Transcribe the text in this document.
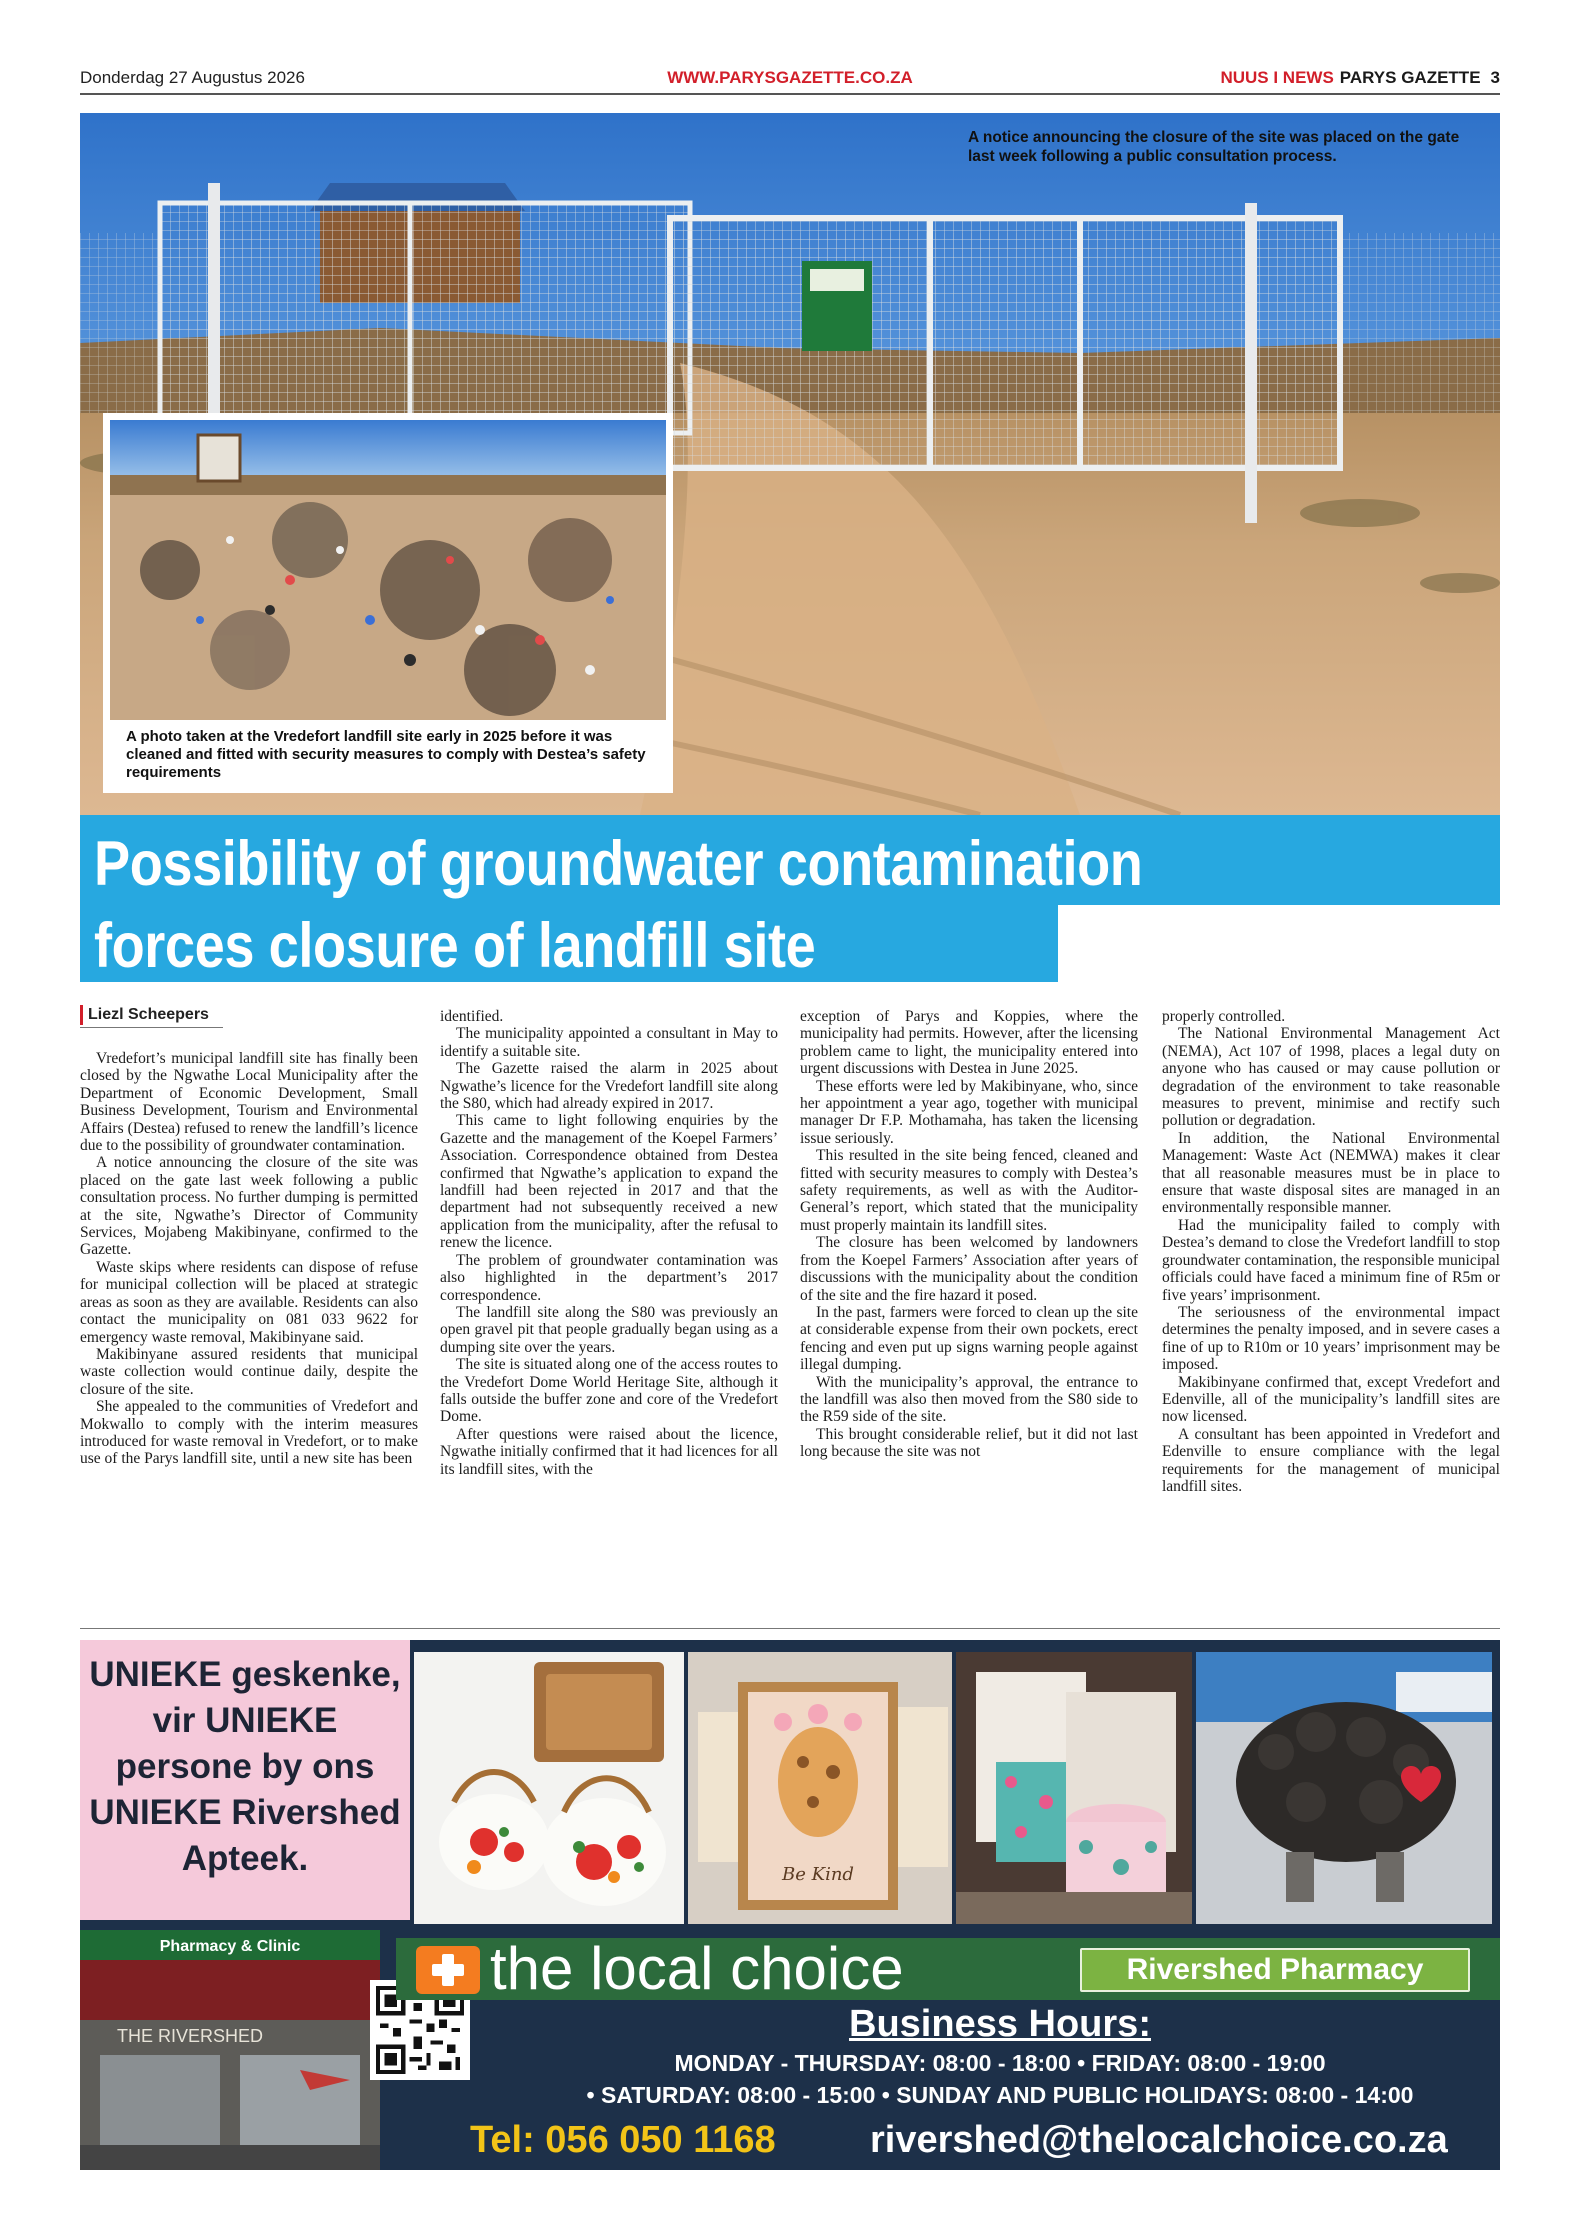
Donderdag 27 Augustus 2026	WWW.PARYSGAZETTE.CO.ZA	NUUS I NEWS PARYS GAZETTE 3
A notice announcing the closure of the site was placed on the gate last week following a public consultation process.
A photo taken at the Vredefort landfill site early in 2025 before it was cleaned and fitted with security measures to comply with Destea’s safety requirements
Possibility of groundwater contamination
forces closure of landfill site
Liezl Scheepers

Vredefort’s municipal landfill site has finally been closed by the Ngwathe Local Municipality after the Department of Economic Development, Small Business Development, Tourism and Environmental Affairs (Destea) refused to renew the landfill’s licence due to the possibility of groundwater contamination.

A notice announcing the closure of the site was placed on the gate last week following a public consultation process. No further dumping is permitted at the site, Ngwathe’s Director of Community Services, Mojabeng Makibinyane, confirmed to the Gazette.

Waste skips where residents can dispose of refuse for municipal collection will be placed at strategic areas as soon as they are available. Residents can also contact the municipality on 081 033 9622 for emergency waste removal, Makibinyane said.

Makibinyane assured residents that municipal waste collection would continue daily, despite the closure of the site.

She appealed to the communities of Vredefort and Mokwallo to comply with the interim measures introduced for waste removal in Vredefort, or to make use of the Parys landfill site, until a new site has been

identified.

The municipality appointed a consultant in May to identify a suitable site.

The Gazette raised the alarm in 2025 about Ngwathe’s licence for the Vredefort landfill site along the S80, which had already expired in 2017.

This came to light following enquiries by the Gazette and the management of the Koepel Farmers’ Association. Correspondence obtained from Destea confirmed that Ngwathe’s application to expand the landfill had been rejected in 2017 and that the department had not subsequently received a new application from the municipality, after the refusal to renew the licence.

The problem of groundwater contamination was also highlighted in the department’s 2017 correspondence.

The landfill site along the S80 was previously an open gravel pit that people gradually began using as a dumping site over the years.

The site is situated along one of the access routes to the Vredefort Dome World Heritage Site, although it falls outside the buffer zone and core of the Vredefort Dome.

After questions were raised about the licence, Ngwathe initially confirmed that it had licences for all its landfill sites, with the

exception of Parys and Koppies, where the municipality had permits. However, after the licensing problem came to light, the municipality entered into urgent discussions with Destea in June 2025.

These efforts were led by Makibinyane, who, since her appointment a year ago, together with municipal manager Dr F.P. Mothamaha, has taken the licensing issue seriously.

This resulted in the site being fenced, cleaned and fitted with security measures to comply with Destea’s safety requirements, as well as with the Auditor-General’s report, which stated that the municipality must properly maintain its landfill sites.

The closure has been welcomed by landowners from the Koepel Farmers’ Association after years of discussions with the municipality about the condition of the site and the fire hazard it posed.

In the past, farmers were forced to clean up the site at considerable expense from their own pockets, erect fencing and even put up signs warning people against illegal dumping.

With the municipality’s approval, the entrance to the landfill was also then moved from the S80 side to the R59 side of the site.

This brought considerable relief, but it did not last long because the site was not

properly controlled.

The National Environmental Management Act (NEMA), Act 107 of 1998, places a legal duty on anyone who has caused or may cause pollution or degradation of the environment to take reasonable measures to prevent, minimise and rectify such pollution or degradation.

In addition, the National Environmental Management: Waste Act (NEMWA) makes it clear that all reasonable measures must be in place to ensure that waste disposal sites are managed in an environmentally responsible manner.

Had the municipality failed to comply with Destea’s demand to close the Vredefort landfill to stop groundwater contamination, the responsible municipal officials could have faced a minimum fine of R5m or five years’ imprisonment.

The seriousness of the environmental impact determines the penalty imposed, and in severe cases a fine of up to R10m or 10 years’ imprisonment may be imposed.

Makibinyane confirmed that, except Vredefort and Edenville, all of the municipality’s landfill sites are now licensed.

A consultant has been appointed in Vredefort and Edenville to ensure compliance with the legal requirements for the management of municipal landfill sites.

UNIEKE geskenke, vir UNIEKE persone by ons UNIEKE Rivershed Apteek.	Be Kind
Pharmacy & Clinic
THE RIVERSHED
the local choice	Rivershed Pharmacy
Business Hours:
MONDAY - THURSDAY: 08:00 - 18:00 • FRIDAY: 08:00 - 19:00
• SATURDAY: 08:00 - 15:00 • SUNDAY AND PUBLIC HOLIDAYS: 08:00 - 14:00
Tel: 056 050 1168 rivershed@thelocalchoice.co.za
